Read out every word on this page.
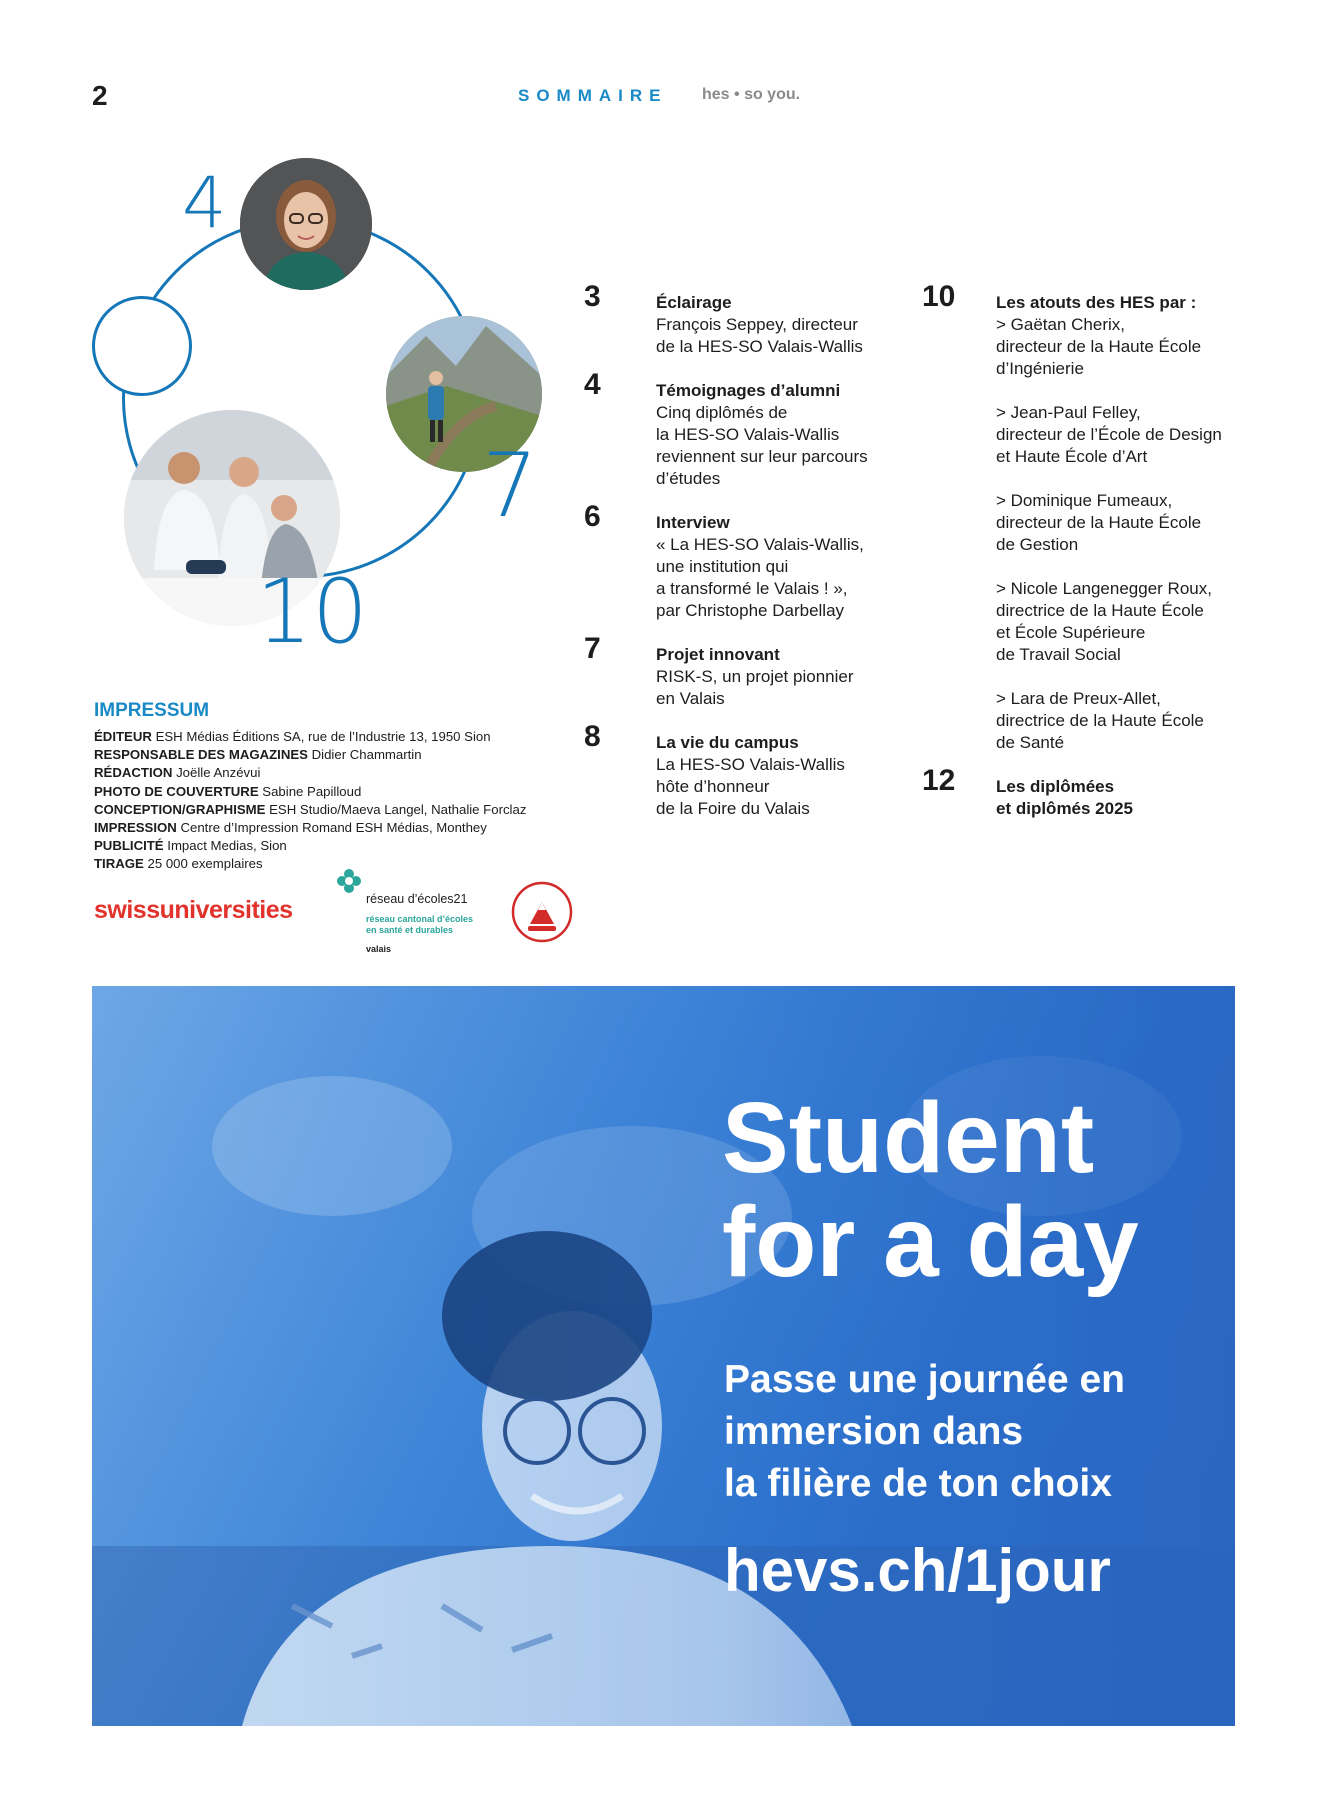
2	SOMMAIRE hes • so you.
4
7
10
3	Éclairage
François Seppey, directeur
de la HES-SO Valais-Wallis
4	Témoignages d’alumni
Cinq diplômés de
la HES-SO Valais-Wallis
reviennent sur leur parcours
d’études
6	Interview
« La HES-SO Valais-Wallis,
une institution qui
a transformé le Valais ! »,
par Christophe Darbellay
7	Projet innovant
RISK-S, un projet pionnier
en Valais
8	La vie du campus
La HES-SO Valais-Wallis
hôte d’honneur
de la Foire du Valais
10 Les atouts des HES par :
> Gaëtan Cherix,
directeur de la Haute École
d’Ingénierie
> Jean-Paul Felley,
directeur de l’École de Design
et Haute École d’Art
> Dominique Fumeaux,
directeur de la Haute École
de Gestion
> Nicole Langenegger Roux,
directrice de la Haute École
et École Supérieure
de Travail Social
> Lara de Preux-Allet,
directrice de la Haute École
de Santé
12 Les diplômées
et diplômés 2025
IMPRESSUM
ÉDITEUR ESH Médias Éditions SA, rue de l’Industrie 13, 1950 Sion
RESPONSABLE DES MAGAZINES Didier Chammartin
RÉDACTION Joëlle Anzévui
PHOTO DE COUVERTURE Sabine Papilloud
CONCEPTION/GRAPHISME ESH Studio/Maeva Langel, Nathalie Forclaz
IMPRESSION Centre d’Impression Romand ESH Médias, Monthey
PUBLICITÉ Impact Medias, Sion
TIRAGE 25 000 exemplaires
swissuniversities	réseau d’écoles21
réseau cantonal d’écoles en santé et durables
valais
Student
for a day
Passe une journée en
immersion dans
la filière de ton choix
hevs.ch/1jour
